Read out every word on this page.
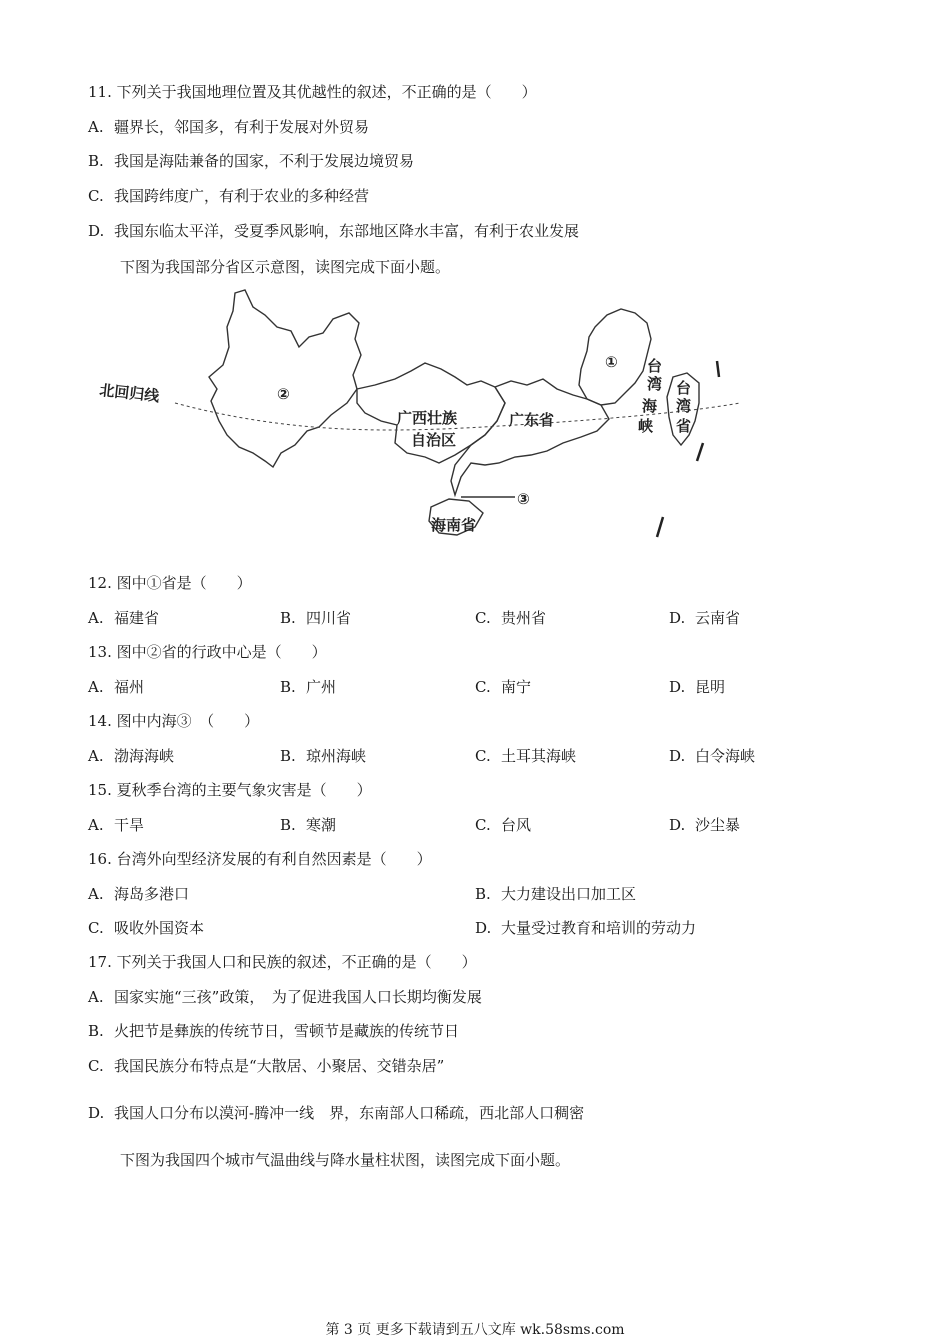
11. 下列关于我国地理位置及其优越性的叙述，不正确的是（　　）
A. 疆界长，邻国多，有利于发展对外贸易
B. 我国是海陆兼备的国家，不利于发展边境贸易
C. 我国跨纬度广，有利于农业的多种经营
D. 我国东临太平洋，受夏季风影响，东部地区降水丰富，有利于农业发展
下图为我国部分省区示意图，读图完成下面小题。
北回归线	②
①
广西壮族
自治区
广东省
台
湾
海
峡
台
湾
省
③
海南省
12. 图中①省是（　　）
A. 福建省	B. 四川省	C. 贵州省	D. 云南省
13. 图中②省的行政中心是（　　）
A. 福州	B. 广州	C. 南宁	D. 昆明
14. 图中内海③　（　　）
A. 渤海海峡	B. 琼州海峡	C. 土耳其海峡	D. 白令海峡
15. 夏秋季台湾的主要气象灾害是（　　）
A. 干旱	B. 寒潮	C. 台风	D. 沙尘暴
16. 台湾外向型经济发展的有利自然因素是（　　）
A. 海岛多港口	B. 大力建设出口加工区
C. 吸收外国资本	D. 大量受过教育和培训的劳动力
17. 下列关于我国人口和民族的叙述，不正确的是（　　）
A. 国家实施“三孩”政策，　为了促进我国人口长期均衡发展
B. 火把节是彝族的传统节日，雪顿节是藏族的传统节日
C. 我国民族分布特点是“大散居、小聚居、交错杂居”
D. 我国人口分布以漠河-腾冲一线　界，东南部人口稀疏，西北部人口稠密
下图为我国四个城市气温曲线与降水量柱状图，读图完成下面小题。
第 3 页 更多下载请到五八文库 wk.58sms.com
